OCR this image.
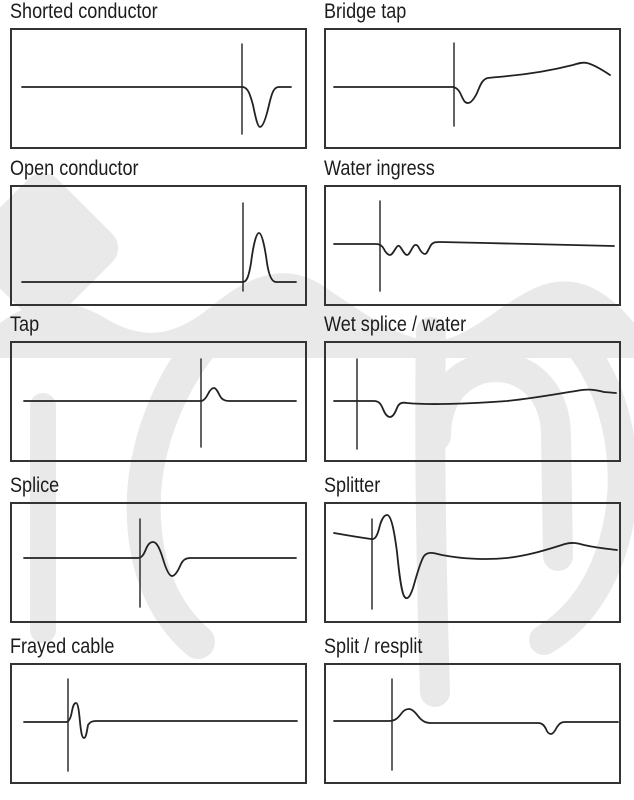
Shorted conductor	Bridge tap
Open conductor	Water ingress
Tap	Wet splice / water
Splice	Splitter
Frayed cable	Split / resplit
